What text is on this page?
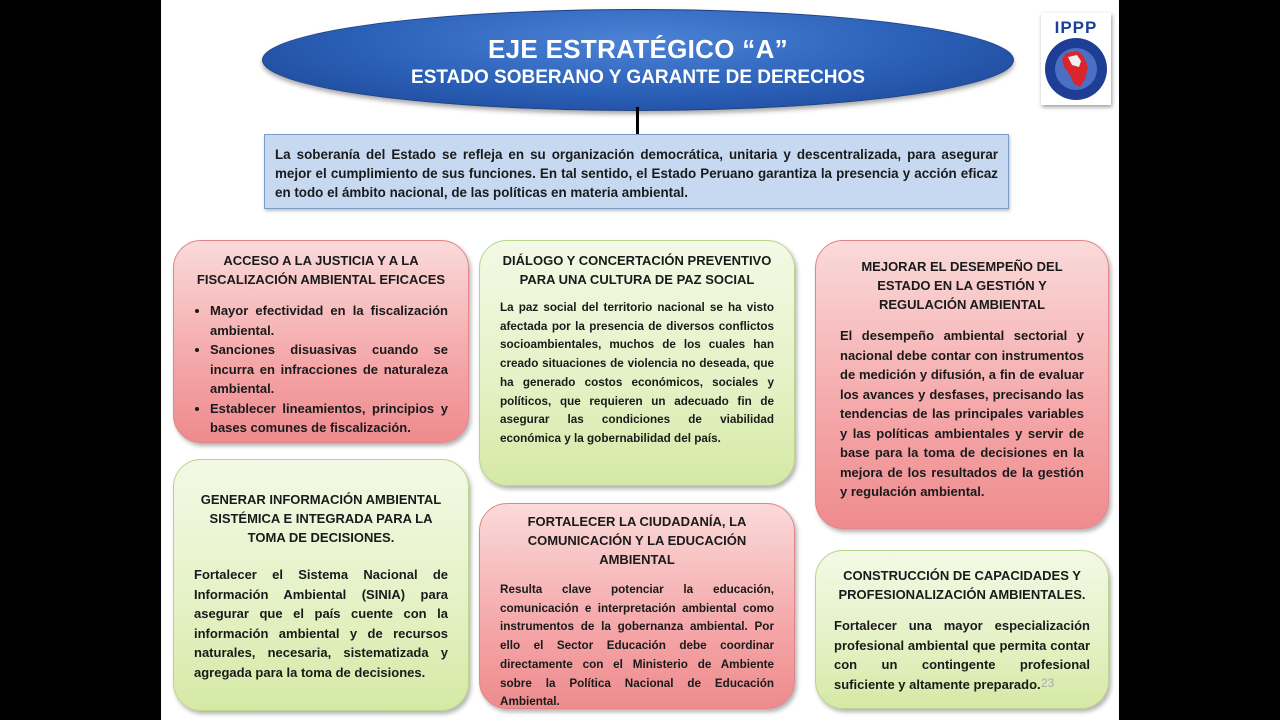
EJE ESTRATÉGICO “A”
ESTADO SOBERANO Y GARANTE DE DERECHOS
IPPP
La soberanía del Estado se refleja en su organización democrática, unitaria y descentralizada, para asegurar mejor el cumplimiento de sus funciones. En tal sentido, el Estado Peruano garantiza la presencia y acción eficaz en todo el ámbito nacional, de las políticas en materia ambiental.
ACCESO A LA JUSTICIA Y A LA FISCALIZACIÓN AMBIENTAL EFICACES
• Mayor efectividad en la fiscalización ambiental.
• Sanciones disuasivas cuando se incurra en infracciones de naturaleza ambiental.
• Establecer lineamientos, principios y bases comunes de fiscalización.
DIÁLOGO Y CONCERTACIÓN PREVENTIVO PARA UNA CULTURA DE PAZ SOCIAL
La paz social del territorio nacional se ha visto afectada por la presencia de diversos conflictos socioambientales, muchos de los cuales han creado situaciones de violencia no deseada, que ha generado costos económicos, sociales y políticos, que requieren un adecuado fin de asegurar las condiciones de viabilidad económica y la gobernabilidad del país.
MEJORAR EL DESEMPEÑO DEL ESTADO EN LA GESTIÓN Y REGULACIÓN AMBIENTAL
El desempeño ambiental sectorial y nacional debe contar con instrumentos de medición y difusión, a fin de evaluar los avances y desfases, precisando las tendencias de las principales variables y las políticas ambientales y servir de base para la toma de decisiones en la mejora de los resultados de la gestión y regulación ambiental.
GENERAR INFORMACIÓN AMBIENTAL SISTÉMICA E INTEGRADA PARA LA TOMA DE DECISIONES.
Fortalecer el Sistema Nacional de Información Ambiental (SINIA) para asegurar que el país cuente con la información ambiental y de recursos naturales, necesaria, sistematizada y agregada para la toma de decisiones.
FORTALECER LA CIUDADANÍA, LA COMUNICACIÓN Y LA EDUCACIÓN AMBIENTAL
Resulta clave potenciar la educación, comunicación e interpretación ambiental como instrumentos de la gobernanza ambiental. Por ello el Sector Educación debe coordinar directamente con el Ministerio de Ambiente sobre la Política Nacional de Educación Ambiental.
CONSTRUCCIÓN DE CAPACIDADES Y PROFESIONALIZACIÓN AMBIENTALES.
Fortalecer una mayor especialización profesional ambiental que permita contar con un contingente profesional suficiente y altamente preparado. 23
